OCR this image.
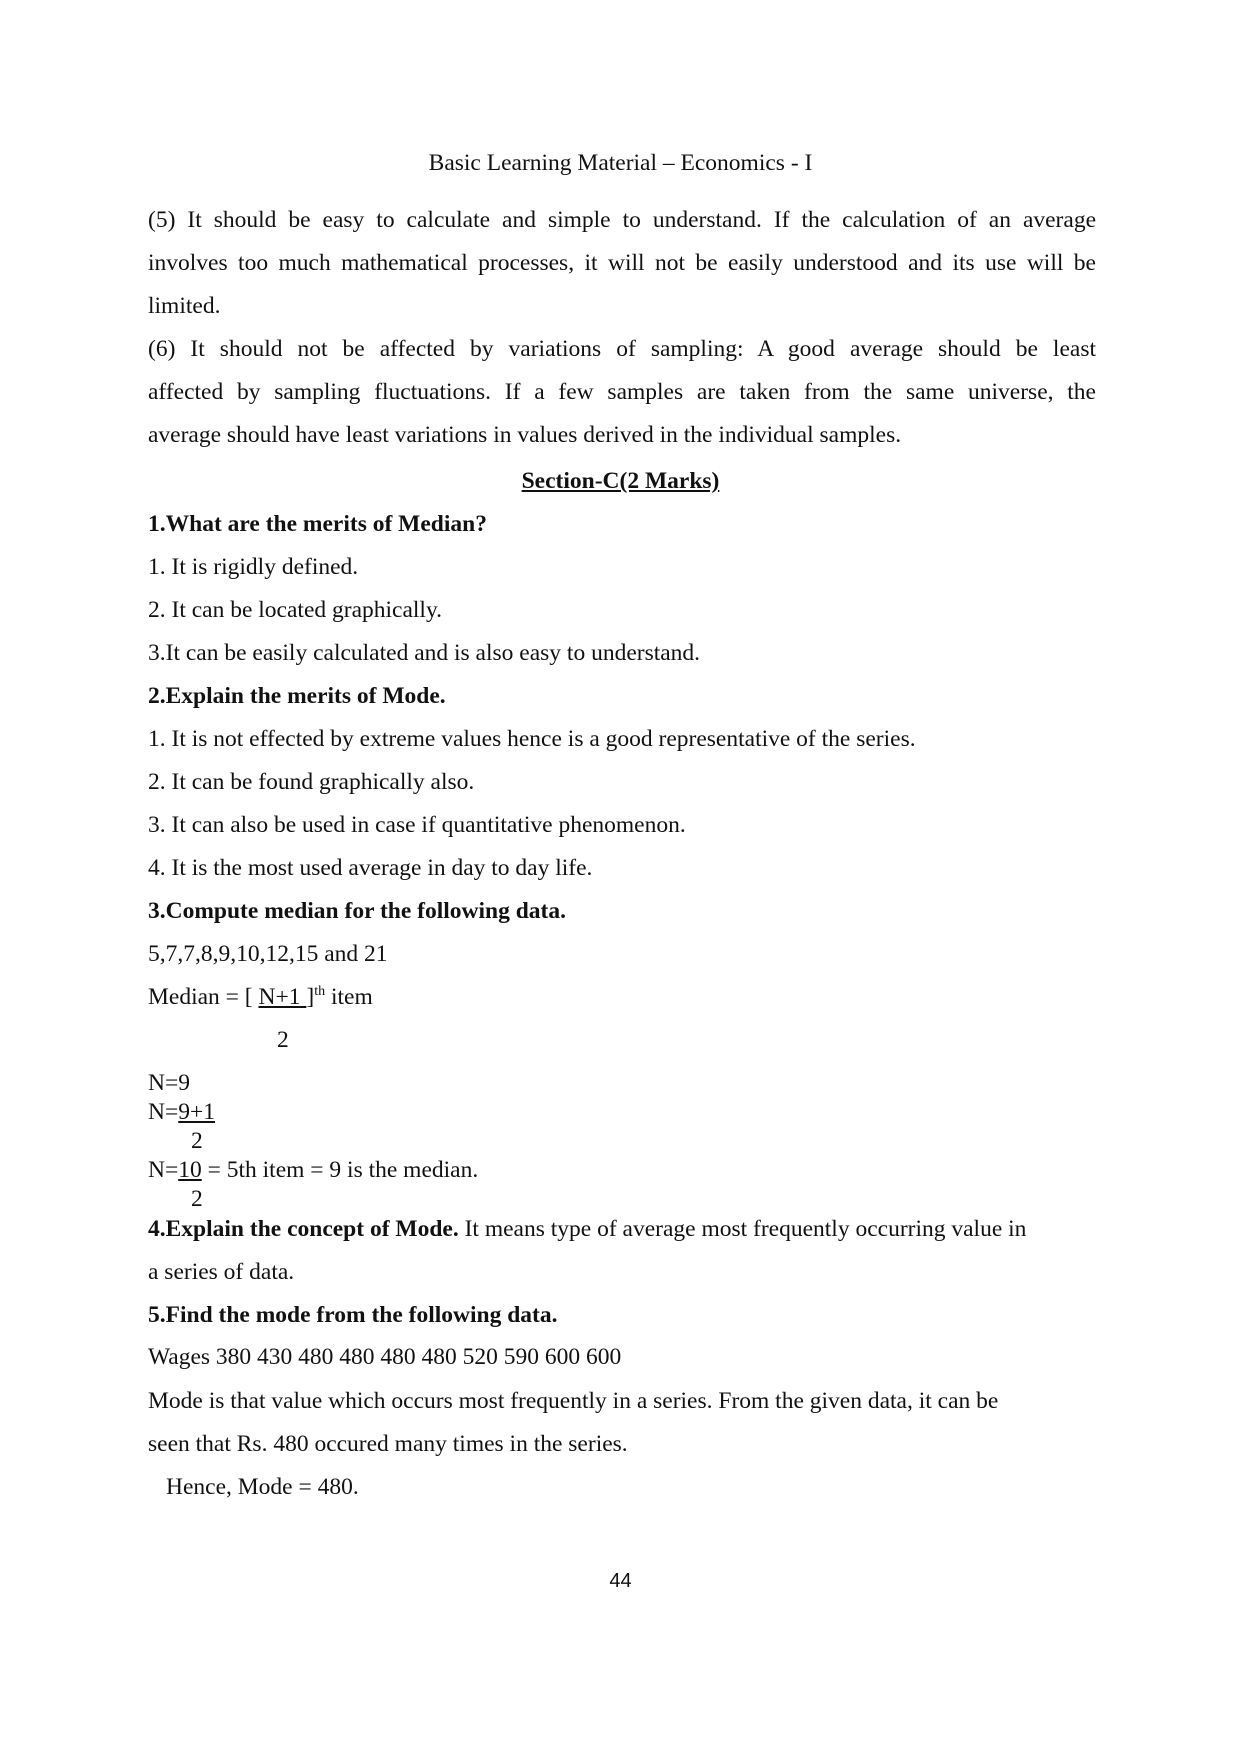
Basic Learning Material – Economics - I
(5) It should be easy to calculate and simple to understand. If the calculation of an average
involves too much mathematical processes, it will not be easily understood and its use will be
limited.
(6) It should not be affected by variations of sampling: A good average should be least
affected by sampling fluctuations. If a few samples are taken from the same universe, the
average should have least variations in values derived in the individual samples.
Section-C(2 Marks)
1.What are the merits of Median?
1. It is rigidly defined.
2. It can be located graphically.
3.It can be easily calculated and is also easy to understand.
2.Explain the merits of Mode.
1. It is not effected by extreme values hence is a good representative of the series.
2. It can be found graphically also.
3. It can also be used in case if quantitative phenomenon.
4. It is the most used average in day to day life.
3.Compute median for the following data.
5,7,7,8,9,10,12,15 and 21
Median = [ N+1 ]$^{th}$ item
2
N=9
N=9+1
2
N=10 = 5th item = 9 is the median.
2
4.Explain the concept of Mode. It means type of average most frequently occurring value in
a series of data.
5.Find the mode from the following data.
Wages 380 430 480 480 480 480 520 590 600 600
Mode is that value which occurs most frequently in a series. From the given data, it can be
seen that Rs. 480 occured many times in the series.
Hence, Mode = 480.
44
